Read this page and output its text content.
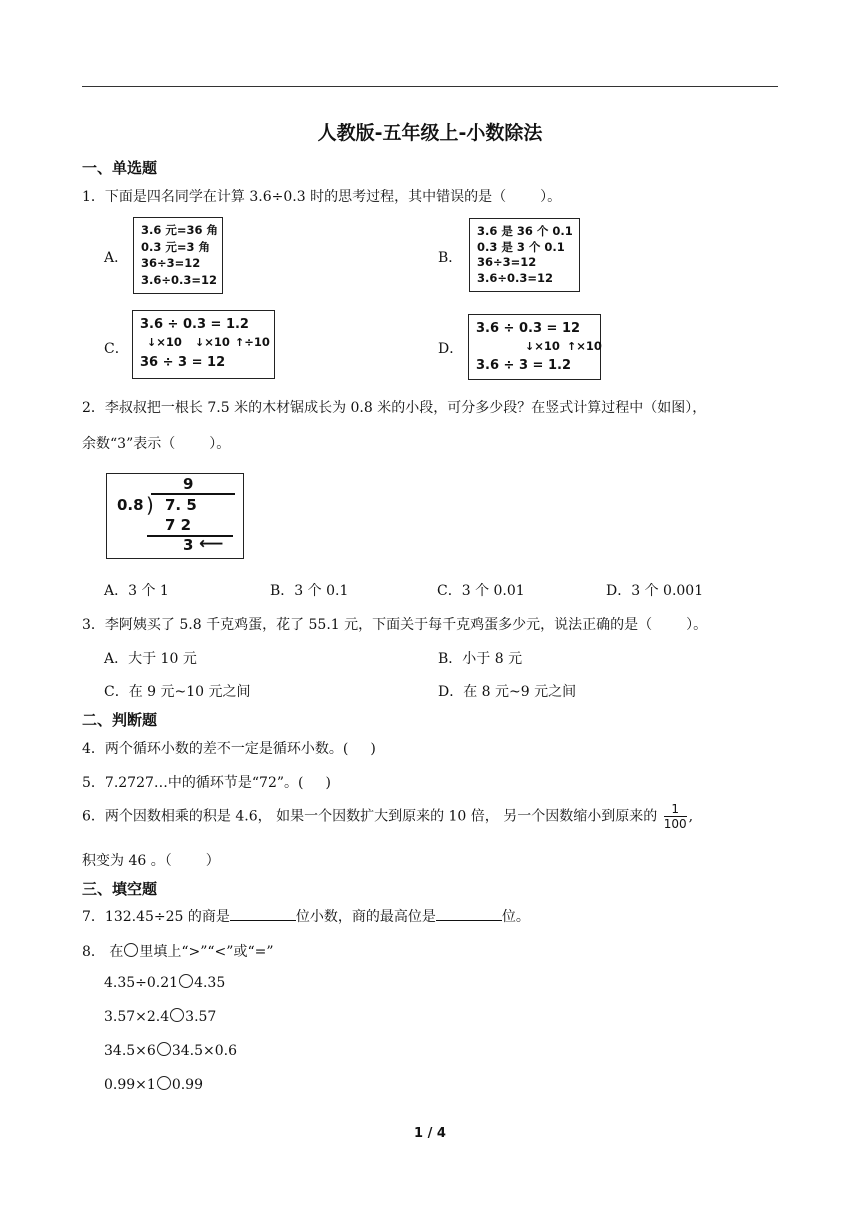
人教版-五年级上-小数除法
一、单选题
1．下面是四名同学在计算 3.6÷0.3 时的思考过程，其中错误的是（ ）。
A．
3.6 元=36 角
0.3 元=3 角
36÷3=12
3.6÷0.3=12
B．
3.6 是 36 个 0.1
0.3 是 3 个 0.1
36÷3=12
3.6÷0.3=12
C．
3.6 ÷ 0.3 = 1.2
↓×10 ↓×10 ↑÷10
36 ÷ 3 = 12
D．
3.6 ÷ 0.3 = 12
↓×10 ↑×10
3.6 ÷ 3 = 1.2
2．李叔叔把一根长 7.5 米的木材锯成长为 0.8 米的小段，可分多少段？在竖式计算过程中（如图），
余数“3”表示（ ）。
9
0.8 ) 7. 5
7 2
3 ⟵
A．3 个 1	B．3 个 0.1	C．3 个 0.01	D．3 个 0.001
3．李阿姨买了 5.8 千克鸡蛋，花了 55.1 元，下面关于每千克鸡蛋多少元，说法正确的是（ ）。
A．大于 10 元	B．小于 8 元
C．在 9 元~10 元之间	D．在 8 元~9 元之间
二、判断题
4．两个循环小数的差不一定是循环小数。( )
5．7.2727…中的循环节是“72”。( )
6．两个因数相乘的积是 4.6， 如果一个因数扩大到原来的 10 倍， 另一个因数缩小到原来的 $\frac{1}{100}$ ,
积变为 46 。（ ）
三、填空题
7．132.45÷25 的商是	位小数，商的最高位是	位。
8． 在 里填上“>”“<”或“=”
4.35÷0.21 4.35
3.57×2.4 3.57
34.5×6 34.5×0.6
0.99×1 0.99
1 / 4
